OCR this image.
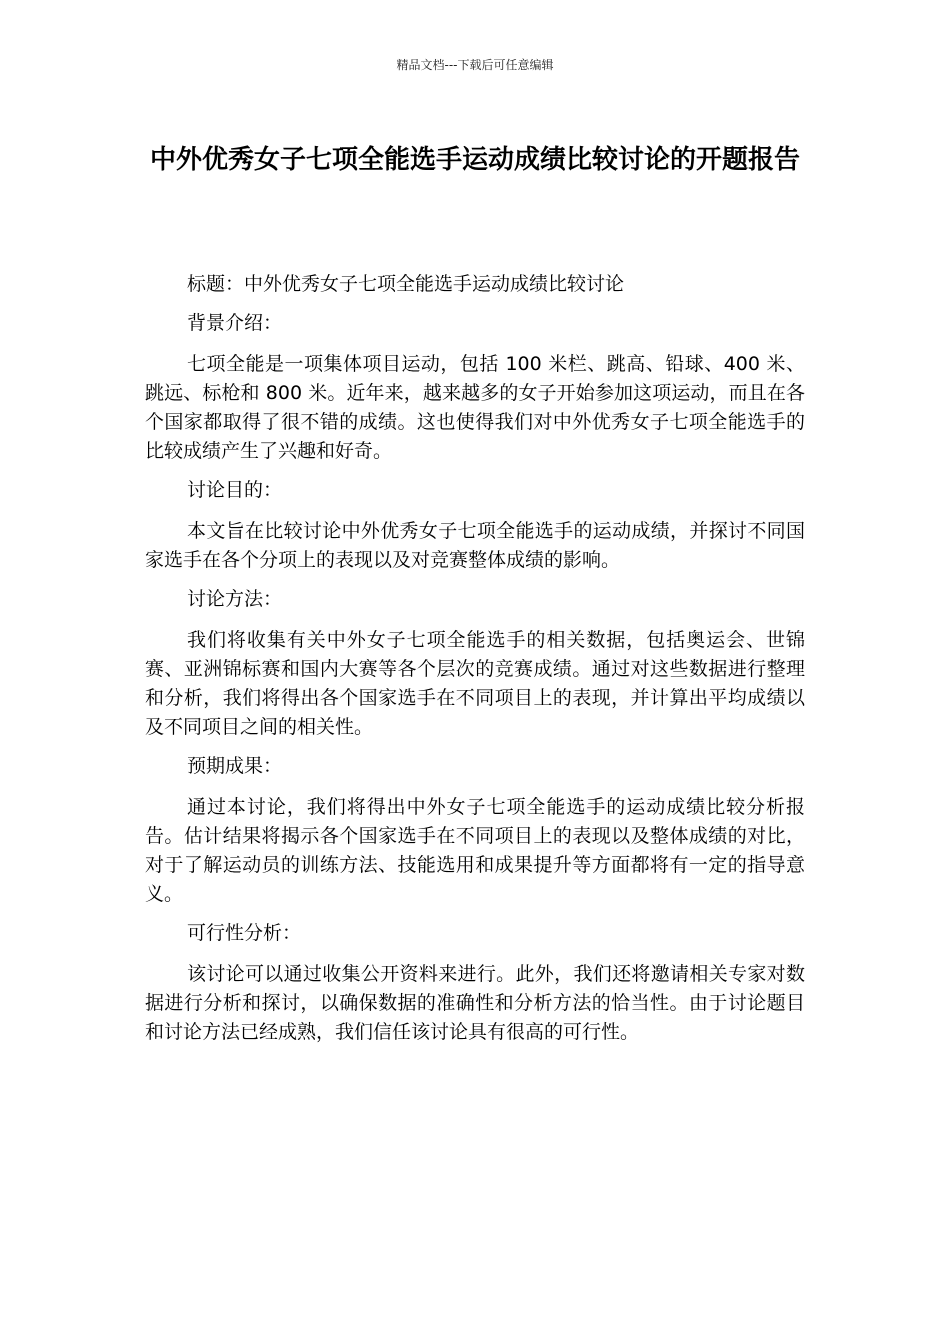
精品文档---下载后可任意编辑
中外优秀女子七项全能选手运动成绩比较讨论的开题报告

标题：中外优秀女子七项全能选手运动成绩比较讨论

背景介绍：

七项全能是一项集体项目运动，包括 100 米栏、跳高、铅球、400 米、跳远、标枪和 800 米。近年来，越来越多的女子开始参加这项运动，而且在各个国家都取得了很不错的成绩。这也使得我们对中外优秀女子七项全能选手的比较成绩产生了兴趣和好奇。

讨论目的：

本文旨在比较讨论中外优秀女子七项全能选手的运动成绩，并探讨不同国家选手在各个分项上的表现以及对竞赛整体成绩的影响。

讨论方法：

我们将收集有关中外女子七项全能选手的相关数据，包括奥运会、世锦赛、亚洲锦标赛和国内大赛等各个层次的竞赛成绩。通过对这些数据进行整理和分析，我们将得出各个国家选手在不同项目上的表现，并计算出平均成绩以及不同项目之间的相关性。

预期成果：

通过本讨论，我们将得出中外女子七项全能选手的运动成绩比较分析报告。估计结果将揭示各个国家选手在不同项目上的表现以及整体成绩的对比，对于了解运动员的训练方法、技能选用和成果提升等方面都将有一定的指导意义。

可行性分析：

该讨论可以通过收集公开资料来进行。此外，我们还将邀请相关专家对数据进行分析和探讨，以确保数据的准确性和分析方法的恰当性。由于讨论题目和讨论方法已经成熟，我们信任该讨论具有很高的可行性。
